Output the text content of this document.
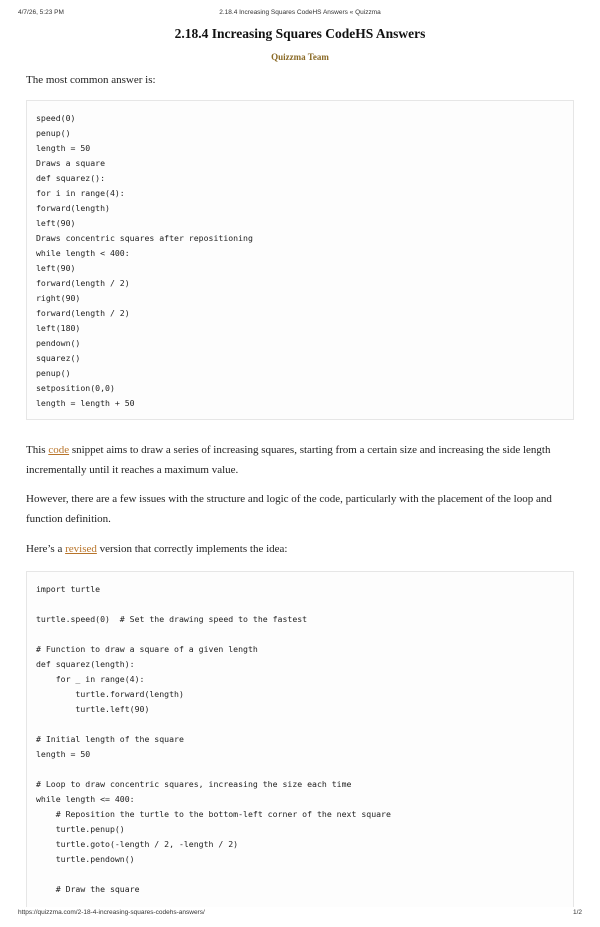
4/7/26, 5:23 PM	2.18.4 Increasing Squares CodeHS Answers « Quizzma
2.18.4 Increasing Squares CodeHS Answers
Quizzma Team

The most common answer is:

speed(0)
penup()
length = 50
Draws a square
def squarez():
for i in range(4):
forward(length)
left(90)
Draws concentric squares after repositioning
while length < 400:
left(90)
forward(length / 2)
right(90)
forward(length / 2)
left(180)
pendown()
squarez()
penup()
setposition(0,0)
length = length + 50

This code snippet aims to draw a series of increasing squares, starting from a certain size and increasing the side length incrementally until it reaches a maximum value.

However, there are a few issues with the structure and logic of the code, particularly with the placement of the loop and function definition.

Here’s a revised version that correctly implements the idea:

import turtle
turtle.speed(0)  # Set the drawing speed to the fastest
# Function to draw a square of a given length
def squarez(length):
for _ in range(4):
turtle.forward(length)
turtle.left(90)
# Initial length of the square
length = 50
# Loop to draw concentric squares, increasing the size each time
while length <= 400:
# Reposition the turtle to the bottom-left corner of the next square
turtle.penup()
turtle.goto(-length / 2, -length / 2)
turtle.pendown()
# Draw the square
https://quizzma.com/2-18-4-increasing-squares-codehs-answers/	1/2
